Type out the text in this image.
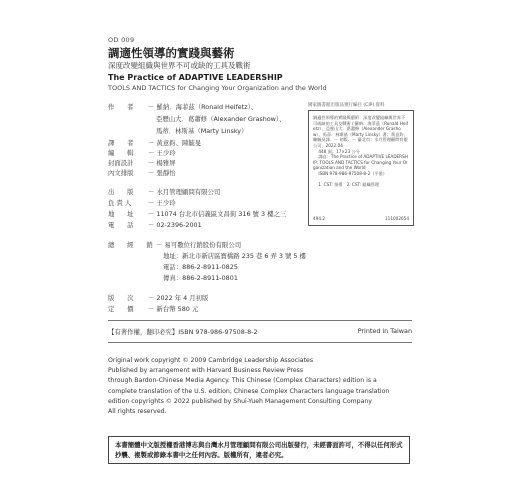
OD 009
調適性領導的實踐與藝術
深度改變組織與世界不可或缺的工具及戰術
The Practice of ADAPTIVE LEADERSHIP
TOOLS AND TACTICS for Changing Your Organization and the World
作　　者 － 羅納．海菲茲（Ronald Heifetz）、
亞歷山大．葛蕭修（Alexander Grashow）、
馬蒂．林斯基（Marty Linsky）
譯　　者 － 黃意鈞、陳毓旻
編　　輯 － 王少玲
封面設計 － 楊雅屏
內文排版 － 張靜怡
出　　版 － 水月管理顧問有限公司
負 責 人	－ 王少玲
地　　址 － 11074 台北市信義區文昌街 316 號 3 樓之三
電　　話 － 02-2396-2001
總　　經　　銷 － 易可數位行銷股份有限公司
地址：新北市新店區寶橋路 235 巷 6 弄 3 號 5 樓
電話：886-2-8911-0825
傳真：886-2-8911-0801
版　　次 － 2022 年 4 月初版
定　　價 － 新台幣 580 元
國家圖書館出版品預行編目 (CIP) 資料
調適性領導的實踐與藝術：深度改變組織與世界不可或缺的工具及戰術 / 羅納．海菲茲（Ronald Heifetz）、亞歷山大．葛蕭修（Alexander Grashow）、馬蒂．林斯基（Marty Linsky）著；黃意鈞、陳毓旻譯．－ 初版．－ 臺北市：水月管理顧問有限公司，2022.04
448 面；17×23 公分
譯自：The Practice of ADAPTIVE LEADERSHIP: TOOLS AND TACTICS for Changing Your Organization and the World
ISBN 978-986-97508-8-2（平裝）

1. CST: 領導　2. CST: 組織管理
494.2	111002654
【有著作權，翻印必究】ISBN 978-986-97508-8-2	Printed in Taiwan
Original work copyright © 2009 Cambridge Leadership Associates
Published by arrangement with Harvard Business Review Press
through Bardon-Chinese Media Agency. This Chinese (Complex Characters) edition is a
complete translation of the U.S. edition, Chinese Complex Characters language translation
edition copyrights © 2022 published by Shui-Yueh Management Consulting Company
All rights reserved.
本書簡體中文版授權香港博志與台灣水月管理顧問有限公司出版發行，未經書面許可，不得以任何形式抄襲、複製或節錄本書中之任何內容。版權所有，違者必究。
